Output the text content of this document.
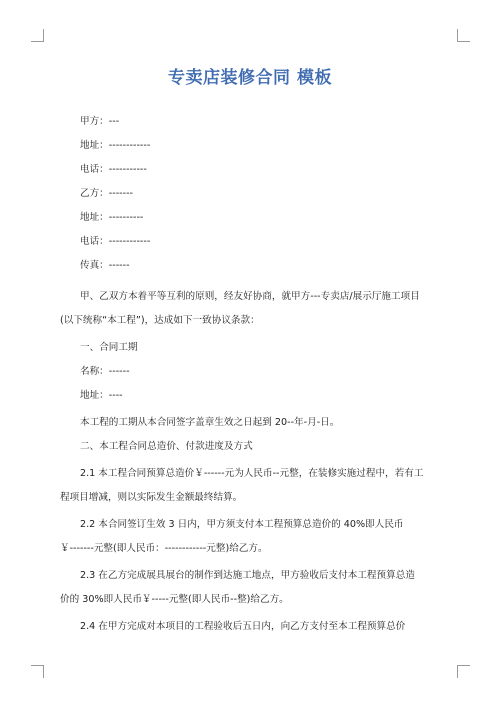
专卖店装修合同 模板
甲方：---
地址：------------
电话：-----------
乙方：-------
地址：----------
电话：------------
传真：------
甲、乙双方本着平等互利的原则，经友好协商，就甲方---专卖店/展示厅施工项目
(以下统称“本工程”)，达成如下一致协议条款：
一、合同工期
名称：------
地址：----
本工程的工期从本合同签字盖章生效之日起到 20--年-月-日。
二、本工程合同总造价、付款进度及方式
2.1 本工程合同预算总造价￥------元为人民币--元整，在装修实施过程中，若有工
程项目增减，则以实际发生金额最终结算。
2.2 本合同签订生效 3 日内，甲方须支付本工程预算总造价的 40%即人民币
￥-------元整(即人民币：------------元整)给乙方。
2.3 在乙方完成展具展台的制作到达施工地点，甲方验收后支付本工程预算总造
价的 30%即人民币￥-----元整(即人民币--整)给乙方。
2.4 在甲方完成对本项目的工程验收后五日内，向乙方支付至本工程预算总价
